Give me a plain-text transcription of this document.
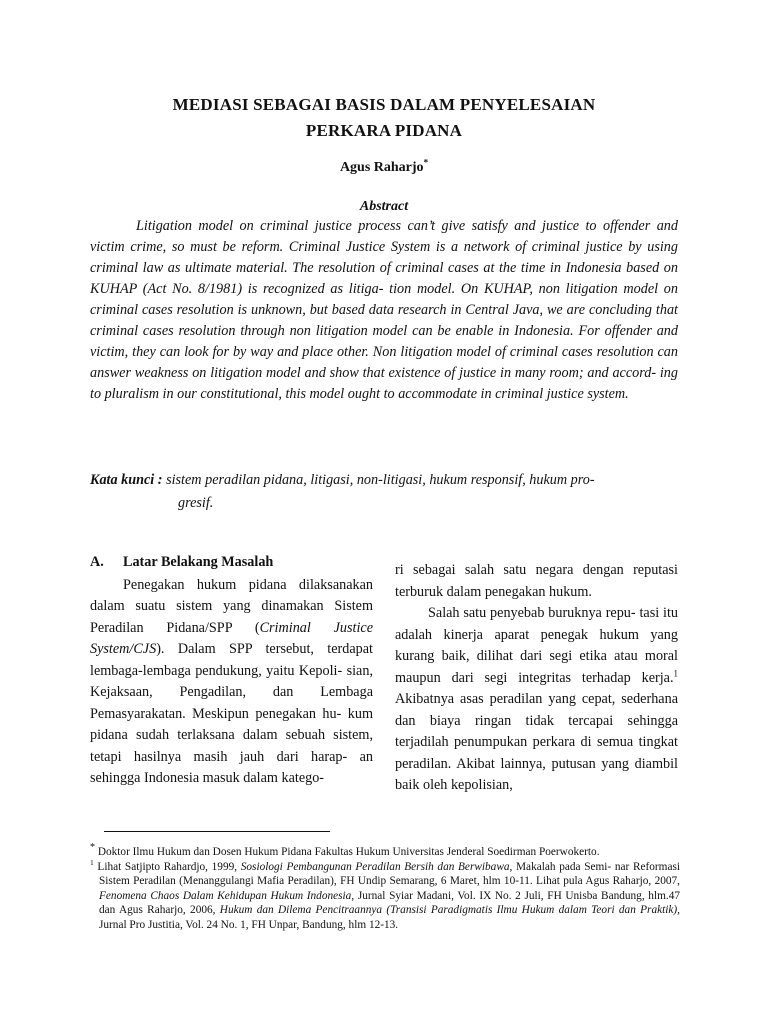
MEDIASI SEBAGAI BASIS DALAM PENYELESAIAN
PERKARA PIDANA
Agus Raharjo*
Abstract

Litigation model on criminal justice process can’t give satisfy and justice to offender and victim crime, so must be reform. Criminal Justice System is a network of criminal justice by using criminal law as ultimate material. The resolution of criminal cases at the time in Indonesia based on KUHAP (Act No. 8/1981) is recognized as litiga- tion model. On KUHAP, non litigation model on criminal cases resolution is unknown, but based data research in Central Java, we are concluding that criminal cases resolution through non litigation model can be enable in Indonesia. For offender and victim, they can look for by way and place other. Non litigation model of criminal cases resolution can answer weakness on litigation model and show that existence of justice in many room; and accord- ing to pluralism in our constitutional, this model ought to accommodate in criminal justice system.

Kata kunci : sistem peradilan pidana, litigasi, non-litigasi, hukum responsif, hukum pro-
gresif.

A. Latar Belakang Masalah

Penegakan hukum pidana dilaksanakan dalam suatu sistem yang dinamakan Sistem Peradilan Pidana/SPP (Criminal Justice System/CJS). Dalam SPP tersebut, terdapat lembaga-lembaga pendukung, yaitu Kepoli- sian, Kejaksaan, Pengadilan, dan Lembaga Pemasyarakatan. Meskipun penegakan hu- kum pidana sudah terlaksana dalam sebuah sistem, tetapi hasilnya masih jauh dari harap- an sehingga Indonesia masuk dalam katego-

ri sebagai salah satu negara dengan reputasi terburuk dalam penegakan hukum.

Salah satu penyebab buruknya repu- tasi itu adalah kinerja aparat penegak hukum yang kurang baik, dilihat dari segi etika atau moral maupun dari segi integritas terhadap kerja.$^1$ Akibatnya asas peradilan yang cepat, sederhana dan biaya ringan tidak tercapai sehingga terjadilah penumpukan perkara di semua tingkat peradilan. Akibat lainnya, putusan yang diambil baik oleh kepolisian,

* Doktor Ilmu Hukum dan Dosen Hukum Pidana Fakultas Hukum Universitas Jenderal Soedirman Poerwokerto.

$^1$ Lihat Satjipto Rahardjo, 1999, Sosiologi Pembangunan Peradilan Bersih dan Berwibawa, Makalah pada Semi- nar Reformasi Sistem Peradilan (Menanggulangi Mafia Peradilan), FH Undip Semarang, 6 Maret, hlm 10-11. Lihat pula Agus Raharjo, 2007, Fenomena Chaos Dalam Kehidupan Hukum Indonesia, Jurnal Syiar Madani, Vol. IX No. 2 Juli, FH Unisba Bandung, hlm.47 dan Agus Raharjo, 2006, Hukum dan Dilema Pencitraannya (Transisi Paradigmatis Ilmu Hukum dalam Teori dan Praktik), Jurnal Pro Justitia, Vol. 24 No. 1, FH Unpar, Bandung, hlm 12-13.
